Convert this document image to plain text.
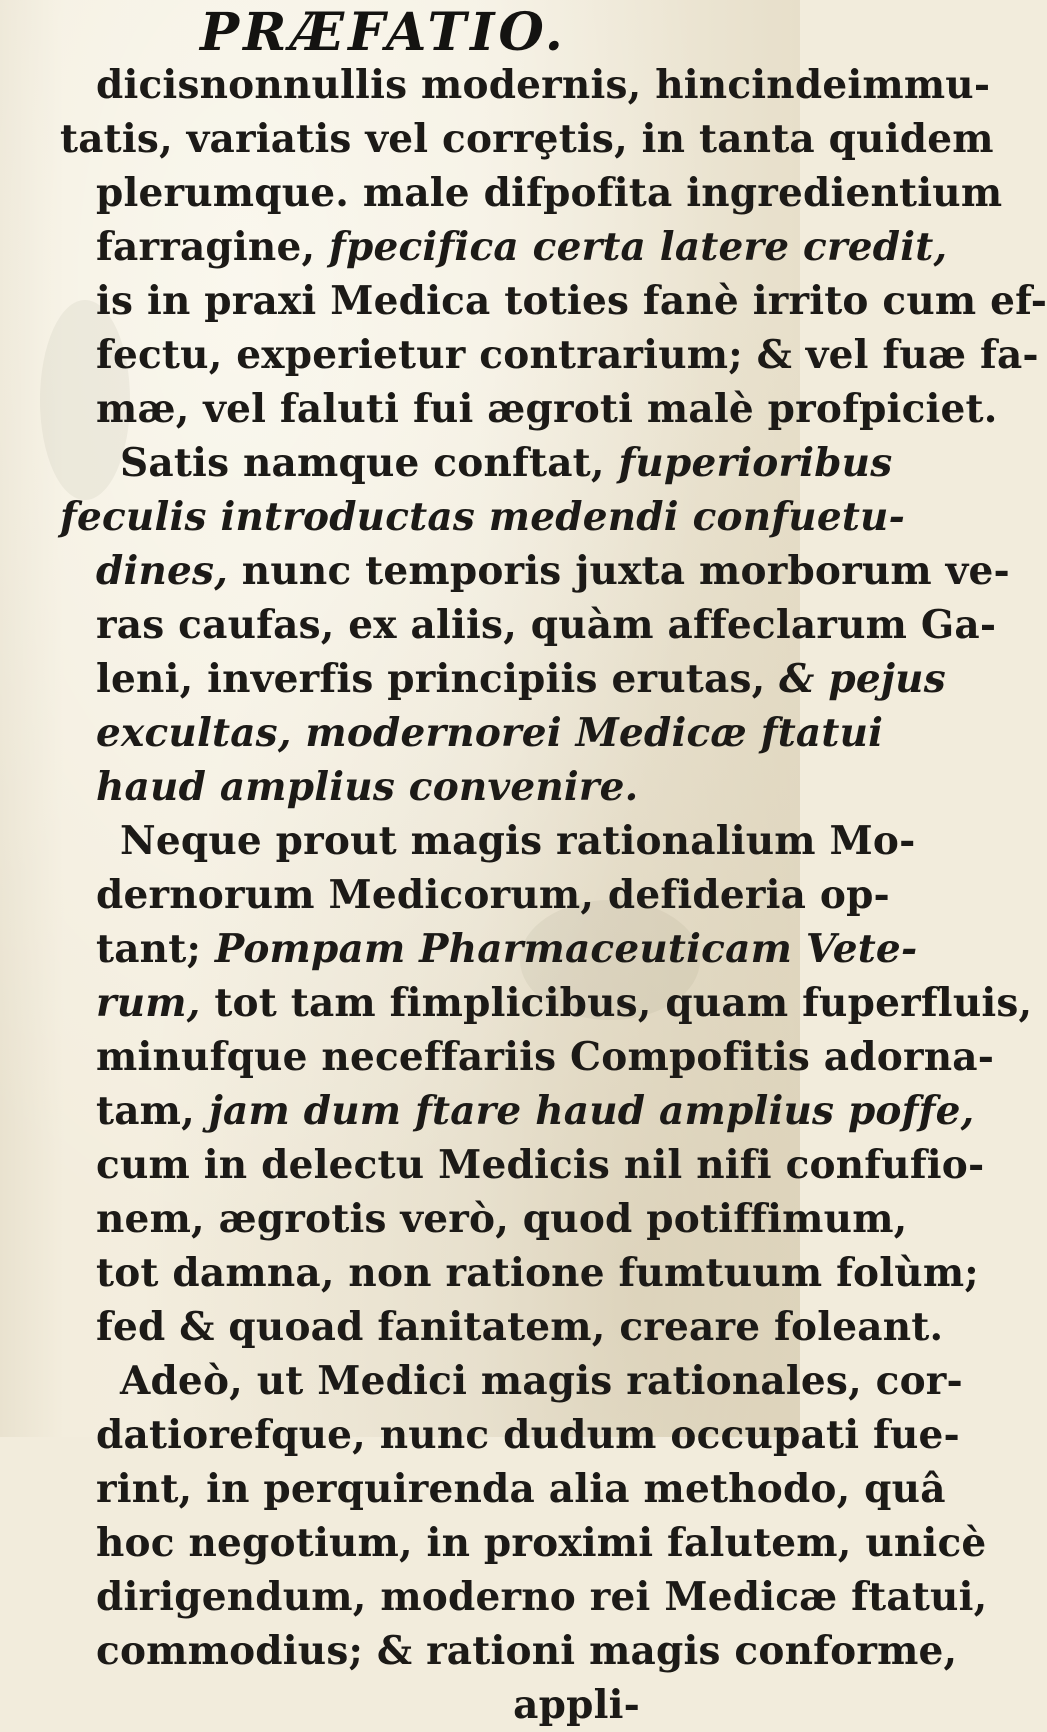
PRÆFATIO.
dicisnonnullis modernis, hincindeimmu-
tatis, variatis vel corrȩtis, in tanta quidem
plerumque. male difpofita ingredientium
farragine, fpecifica certa latere credit,
is in praxi Medica toties fanè irrito cum ef-
fectu, experietur contrarium; & vel fuæ fa-
mæ, vel faluti fui ægroti malè profpiciet.
Satis namque conftat, fuperioribus
feculis introductas medendi confuetu-
dines, nunc temporis juxta morborum ve-
ras caufas, ex aliis, quàm affeclarum Ga-
leni, inverfis principiis erutas, & pejus
excultas, modernorei Medicæ ftatui
haud amplius convenire.
Neque prout magis rationalium Mo-
dernorum Medicorum, defideria op-
tant; Pompam Pharmaceuticam Vete-
rum, tot tam fimplicibus, quam fuperfluis,
minufque neceffariis Compofitis adorna-
tam, jam dum ftare haud amplius poffe,
cum in delectu Medicis nil nifi confufio-
nem, ægrotis verò, quod potiffimum,
tot damna, non ratione fumtuum folùm;
fed & quoad fanitatem, creare foleant.
Adeò, ut Medici magis rationales, cor-
datiorefque, nunc dudum occupati fue-
rint, in perquirenda alia methodo, quâ
hoc negotium, in proximi falutem, unicè
dirigendum, moderno rei Medicæ ftatui,
commodius; & rationi magis conforme,
appli-
